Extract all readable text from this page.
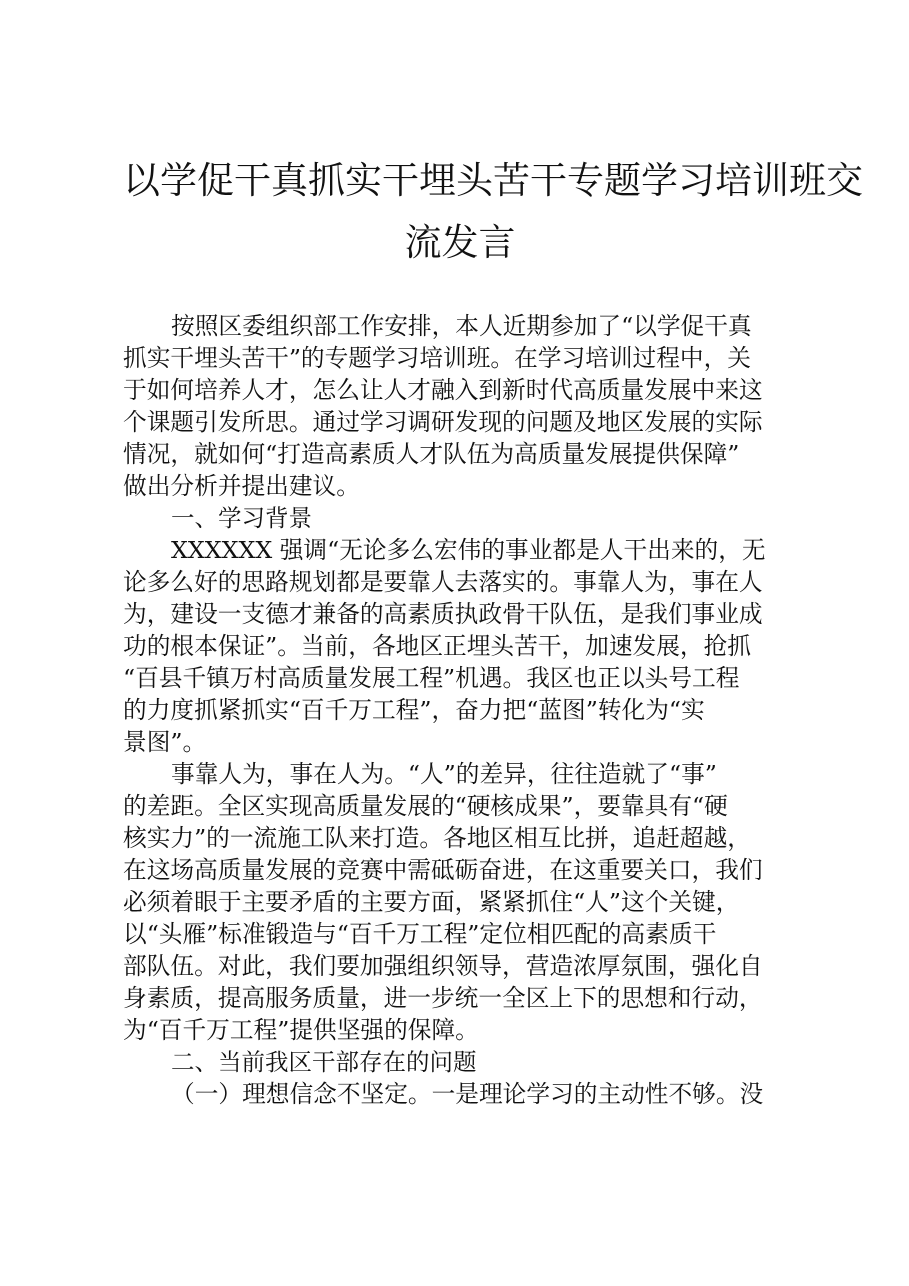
以学促干真抓实干埋头苦干专题学习培训班交
流发言
按照区委组织部工作安排，本人近期参加了“以学促干真
抓实干埋头苦干”的专题学习培训班。在学习培训过程中，关
于如何培养人才，怎么让人才融入到新时代高质量发展中来这
个课题引发所思。通过学习调研发现的问题及地区发展的实际
情况，就如何“打造高素质人才队伍为高质量发展提供保障”
做出分析并提出建议。
一、学习背景
XXXXXX 强调“无论多么宏伟的事业都是人干出来的，无
论多么好的思路规划都是要靠人去落实的。事靠人为，事在人
为，建设一支德才兼备的高素质执政骨干队伍，是我们事业成
功的根本保证”。当前，各地区正埋头苦干，加速发展，抢抓
“百县千镇万村高质量发展工程”机遇。我区也正以头号工程
的力度抓紧抓实“百千万工程”，奋力把“蓝图”转化为“实
景图”。
事靠人为，事在人为。“人”的差异，往往造就了“事”
的差距。全区实现高质量发展的“硬核成果”，要靠具有“硬
核实力”的一流施工队来打造。各地区相互比拼，追赶超越，
在这场高质量发展的竞赛中需砥砺奋进，在这重要关口，我们
必须着眼于主要矛盾的主要方面，紧紧抓住“人”这个关键，
以“头雁”标准锻造与“百千万工程”定位相匹配的高素质干
部队伍。对此，我们要加强组织领导，营造浓厚氛围，强化自
身素质，提高服务质量，进一步统一全区上下的思想和行动，
为“百千万工程”提供坚强的保障。
二、当前我区干部存在的问题
（一）理想信念不坚定。一是理论学习的主动性不够。没
